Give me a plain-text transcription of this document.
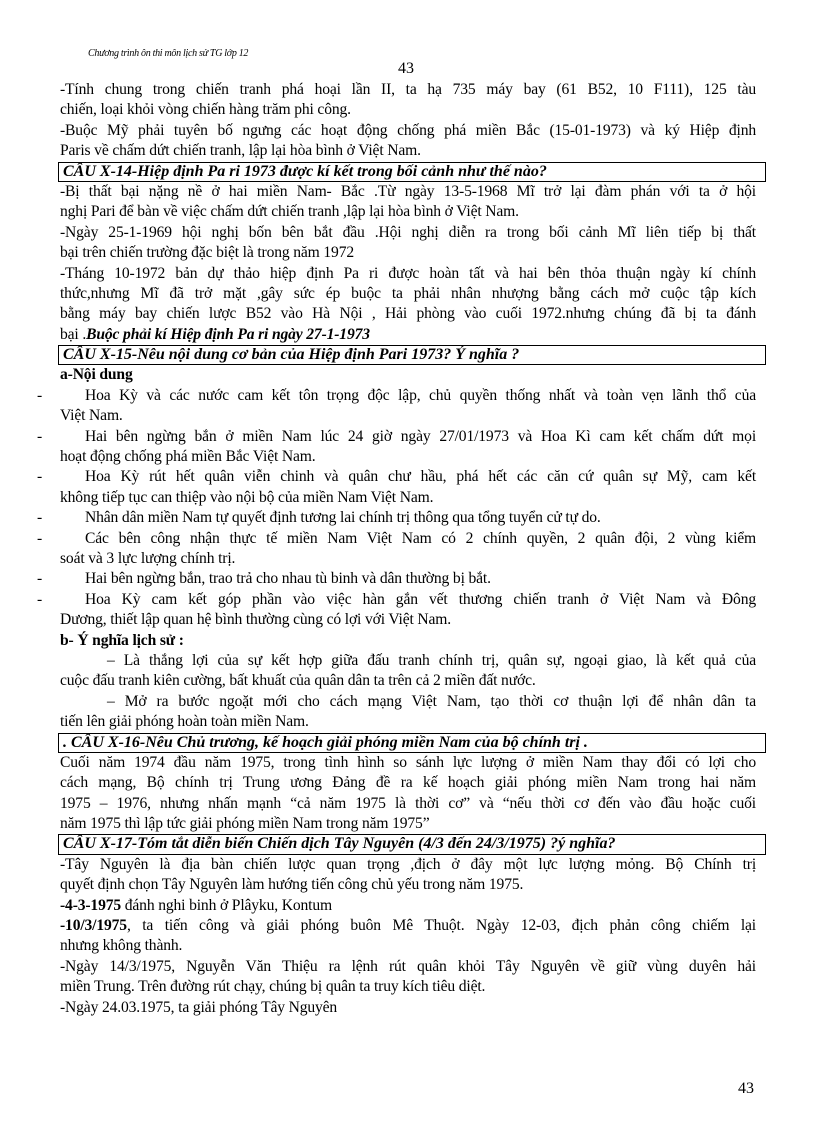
Chương trình ôn thi môn lịch sử TG lớp 12
43
-Tính chung trong chiến tranh phá hoại lần II, ta hạ 735 máy bay (61 B52, 10 F111), 125 tàu
chiến, loại khỏi vòng chiến hàng trăm phi công.
-Buộc Mỹ phải tuyên bố ngưng các hoạt động chống phá miền Bắc (15-01-1973) và ký Hiệp định
Paris về chấm dứt chiến tranh, lập lại hòa bình ở Việt Nam.
CÂU X-14-Hiệp định Pa ri 1973 được kí kết trong bối cảnh như thế nào?
-Bị thất bại nặng nề ở hai miền Nam- Bắc .Từ ngày 13-5-1968 Mĩ trở lại đàm phán với ta ở hội
nghị Pari để bàn về việc chấm dứt chiến tranh ,lập lại hòa bình ở Việt Nam.
-Ngày 25-1-1969 hội nghị bốn bên bắt đầu .Hội nghị diễn ra trong bối cảnh Mĩ liên tiếp bị thất
bại trên chiến trường đặc biệt là trong năm 1972
-Tháng 10-1972 bản dự thảo hiệp định Pa ri được hoàn tất và hai bên thỏa thuận ngày kí chính
thức,nhưng Mĩ đã trở mặt ,gây sức ép buộc ta phải nhân nhượng bằng cách mở cuộc tập kích
bằng máy bay chiến lược B52 vào Hà Nội , Hải phòng vào cuối 1972.nhưng chúng đã bị ta đánh
bại .Buộc phải kí Hiệp định Pa ri ngày 27-1-1973
CÂU X-15-Nêu nội dung cơ bản của Hiệp định Pari 1973? Ý nghĩa ?
a-Nội dung
-	Hoa Kỳ và các nước cam kết tôn trọng độc lập, chủ quyền thống nhất và toàn vẹn lãnh thổ của
Việt Nam.
-	Hai bên ngừng bắn ở miền Nam lúc 24 giờ ngày 27/01/1973 và Hoa Kì cam kết chấm dứt mọi
hoạt động chống phá miền Bắc Việt Nam.
-	Hoa Kỳ rút hết quân viễn chinh và quân chư hầu, phá hết các căn cứ quân sự Mỹ, cam kết
không tiếp tục can thiệp vào nội bộ của miền Nam Việt Nam.
-	Nhân dân miền Nam tự quyết định tương lai chính trị thông qua tổng tuyển cử tự do.
-	Các bên công nhận thực tế miền Nam Việt Nam có 2 chính quyền, 2 quân đội, 2 vùng kiểm
soát và 3 lực lượng chính trị.
-	Hai bên ngừng bắn, trao trả cho nhau tù binh và dân thường bị bắt.
-	Hoa Kỳ cam kết góp phần vào việc hàn gắn vết thương chiến tranh ở Việt Nam và Đông
Dương, thiết lập quan hệ bình thường cùng có lợi với Việt Nam.
b- Ý nghĩa lịch sử :
– Là thắng lợi của sự kết hợp giữa đấu tranh chính trị, quân sự, ngoại giao, là kết quả của
cuộc đấu tranh kiên cường, bất khuất của quân dân ta trên cả 2 miền đất nước.
– Mở ra bước ngoặt mới cho cách mạng Việt Nam, tạo thời cơ thuận lợi để nhân dân ta
tiến lên giải phóng hoàn toàn miền Nam.
. CÂU X-16-Nêu Chủ trương, kế hoạch giải phóng miền Nam của bộ chính trị .
Cuối năm 1974 đầu năm 1975, trong tình hình so sánh lực lượng ở miền Nam thay đổi có lợi cho
cách mạng, Bộ chính trị Trung ương Đảng đề ra kế hoạch giải phóng miền Nam trong hai năm
1975 – 1976, nhưng nhấn mạnh “cả năm 1975 là thời cơ” và “nếu thời cơ đến vào đầu hoặc cuối
năm 1975 thì lập tức giải phóng miền Nam trong năm 1975”
CÂU X-17-Tóm tắt diễn biến Chiến dịch Tây Nguyên (4/3 đến 24/3/1975) ?ý nghĩa?
-Tây Nguyên là địa bàn chiến lược quan trọng ,địch ở đây một lực lượng mỏng. Bộ Chính trị
quyết định chọn Tây Nguyên làm hướng tiến công chủ yếu trong năm 1975.
-4-3-1975 đánh nghi binh ở Plâyku, Kontum
-10/3/1975, ta tiến công và giải phóng buôn Mê Thuột. Ngày 12-03, địch phản công chiếm lại
nhưng không thành.
-Ngày 14/3/1975, Nguyễn Văn Thiệu ra lệnh rút quân khỏi Tây Nguyên về giữ vùng duyên hải
miền Trung. Trên đường rút chạy, chúng bị quân ta truy kích tiêu diệt.
-Ngày 24.03.1975, ta giải phóng Tây Nguyên
43
